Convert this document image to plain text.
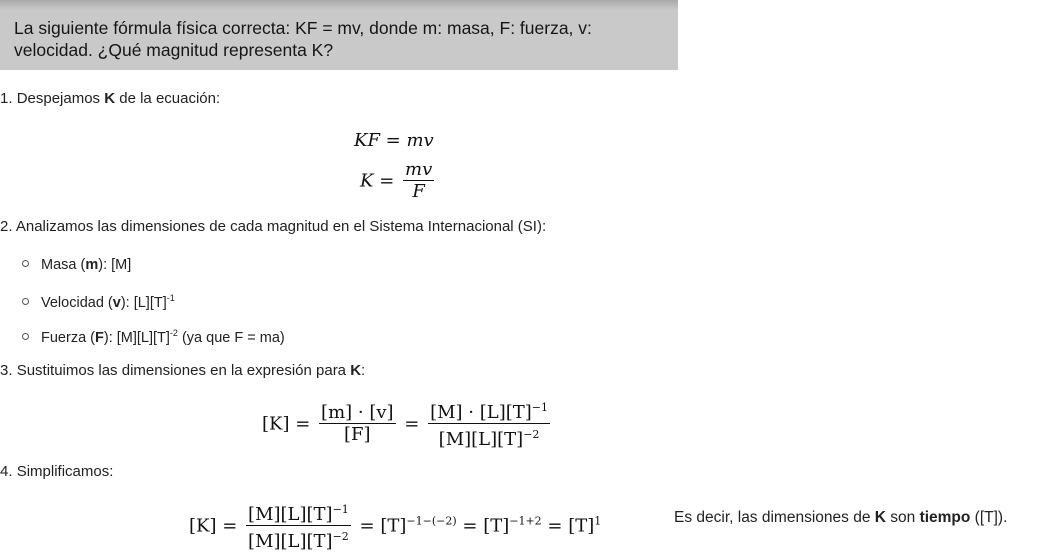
La siguiente fórmula física correcta: KF = mv, donde m: masa, F: fuerza, v:
velocidad. ¿Qué magnitud representa K?
1. Despejamos K de la ecuación:
KF = mv
$K = \frac{mv}{F}$
2. Analizamos las dimensiones de cada magnitud en el Sistema Internacional (SI):
Masa (m): [M]
Velocidad (v): $[L][T]^{-1}$
Fuerza (F): $[M][L][T]^{-2}$ (ya que F = ma)
3. Sustituimos las dimensiones en la expresión para K:
$[K] = \frac{[m] \cdot [v]}{[F]} = \frac{[M] \cdot [L][T]^{-1}}{[M][L][T]^{-2}}$
4. Simplificamos:
$[K] = \frac{[M][L][T]^{-1}}{[M][L][T]^{-2}} = [T]^{-1-(-2)} = [T]^{-1+2} = [T]^1$	Es decir, las dimensiones de K son tiempo ([T]).
